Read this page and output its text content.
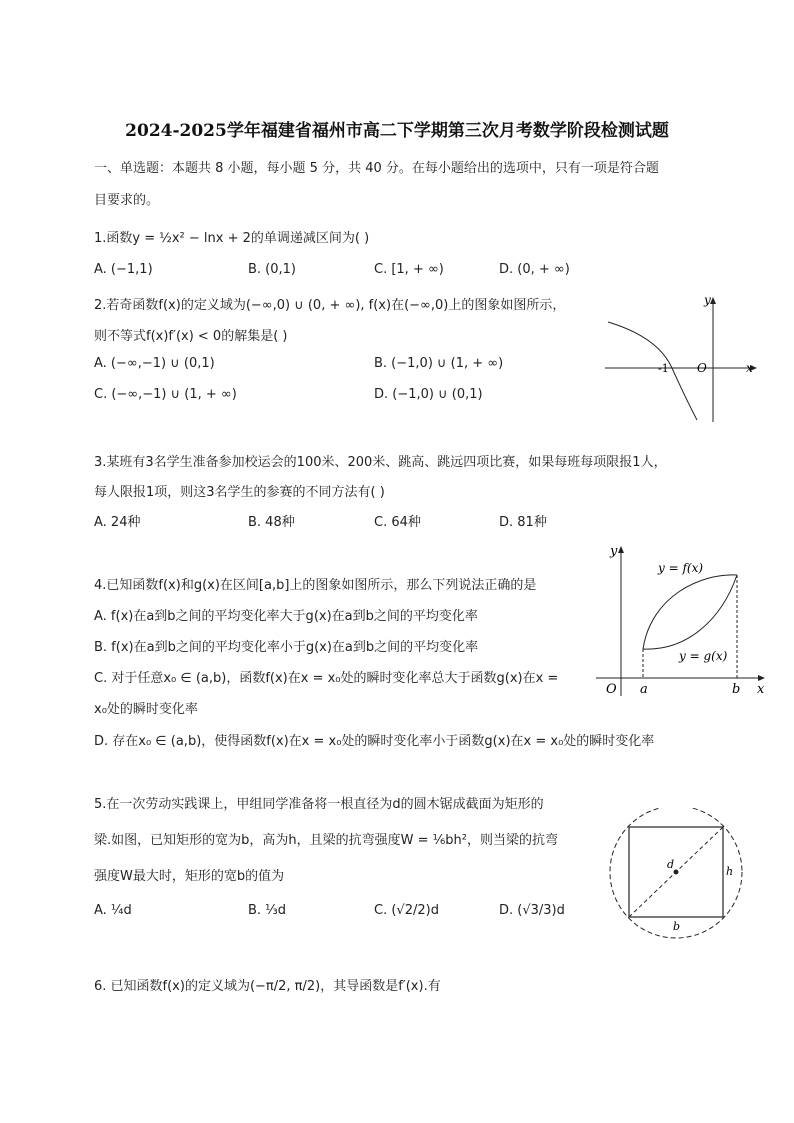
2024-2025学年福建省福州市高二下学期第三次月考数学阶段检测试题
一、单选题：本题共 8 小题，每小题 5 分，共 40 分。在每小题给出的选项中，只有一项是符合题
目要求的。
1.函数y = ½x² − lnx + 2的单调递减区间为( )
A. (−1,1)	B. (0,1)	C. [1, + ∞)	D. (0, + ∞)
2.若奇函数f(x)的定义域为(−∞,0) ∪ (0, + ∞), f(x)在(−∞,0)上的图象如图所示，
则不等式f(x)f′(x) < 0的解集是( )
A. (−∞,−1) ∪ (0,1)	B. (−1,0) ∪ (1, + ∞)
C. (−∞,−1) ∪ (1, + ∞)	D. (−1,0) ∪ (0,1)
y
x
O
-1
3.某班有3名学生准备参加校运会的100米、200米、跳高、跳远四项比赛，如果每班每项限报1人，
每人限报1项，则这3名学生的参赛的不同方法有( )
A. 24种	B. 48种	C. 64种	D. 81种
4.已知函数f(x)和g(x)在区间[a,b]上的图象如图所示，那么下列说法正确的是
A. f(x)在a到b之间的平均变化率大于g(x)在a到b之间的平均变化率
B. f(x)在a到b之间的平均变化率小于g(x)在a到b之间的平均变化率
C. 对于任意x₀ ∈ (a,b)，函数f(x)在x = x₀处的瞬时变化率总大于函数g(x)在x =
x₀处的瞬时变化率
D. 存在x₀ ∈ (a,b)，使得函数f(x)在x = x₀处的瞬时变化率小于函数g(x)在x = x₀处的瞬时变化率
y
x
O a	b
y = f(x)
y = g(x)
5.在一次劳动实践课上，甲组同学准备将一根直径为d的圆木锯成截面为矩形的
梁.如图，已知矩形的宽为b，高为h，且梁的抗弯强度W = ⅙bh²，则当梁的抗弯
强度W最大时，矩形的宽b的值为
A. ¼d	B. ⅓d	C. (√2/2)d	D. (√3/3)d
d
h
b
6. 已知函数f(x)的定义域为(−π/2, π/2)，其导函数是f′(x).有
